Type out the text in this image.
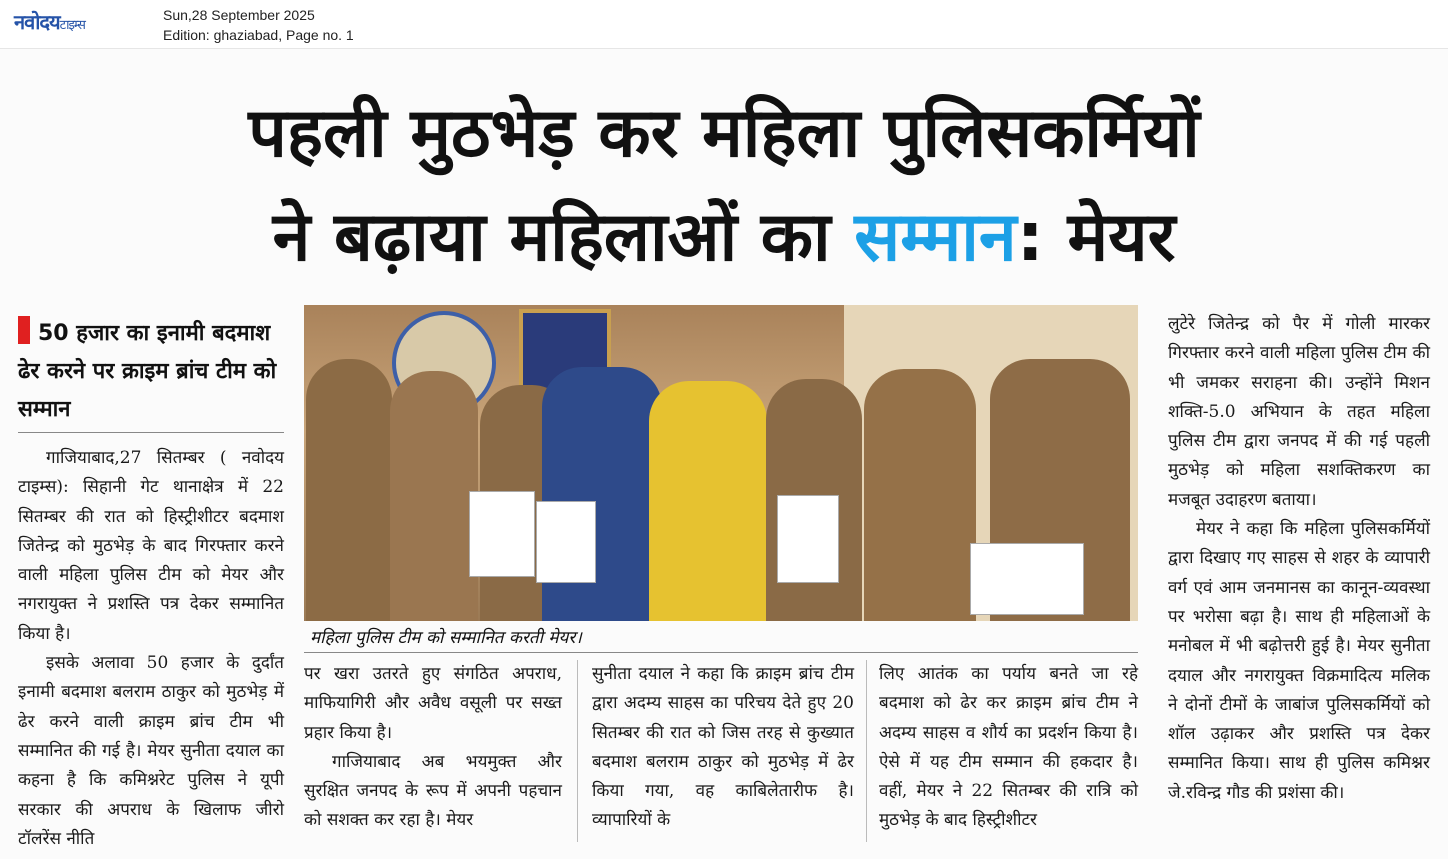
नवोदयटाइम्स
Sun,28 September 2025
Edition: ghaziabad, Page no. 1
पहली मुठभेड़ कर महिला पुलिसकर्मियों
ने बढ़ाया महिलाओं का सम्मान: मेयर
50 हजार का इनामी बदमाश ढेर करने पर क्राइम ब्रांच टीम को सम्मान

गाजियाबाद,27 सितम्बर ( नवोदय टाइम्स): सिहानी गेट थानाक्षेत्र में 22 सितम्बर की रात को हिस्ट्रीशीटर बदमाश जितेन्द्र को मुठभेड़ के बाद गिरफ्तार करने वाली महिला पुलिस टीम को मेयर और नगरायुक्त ने प्रशस्ति पत्र देकर सम्मानित किया है।

इसके अलावा 50 हजार के दुर्दांत इनामी बदमाश बलराम ठाकुर को मुठभेड़ में ढेर करने वाली क्राइम ब्रांच टीम भी सम्मानित की गई है। मेयर सुनीता दयाल का कहना है कि कमिश्नरेट पुलिस ने यूपी सरकार की अपराध के खिलाफ जीरो टॉलरेंस नीति

महिला पुलिस टीम को सम्मानित करती मेयर।

पर खरा उतरते हुए संगठित अपराध, माफियागिरी और अवैध वसूली पर सख्त प्रहार किया है।

गाजियाबाद अब भयमुक्त और सुरक्षित जनपद के रूप में अपनी पहचान को सशक्त कर रहा है। मेयर

सुनीता दयाल ने कहा कि क्राइम ब्रांच टीम द्वारा अदम्य साहस का परिचय देते हुए 20 सितम्बर की रात को जिस तरह से कुख्यात बदमाश बलराम ठाकुर को मुठभेड़ में ढेर किया गया, वह काबिलेतारीफ है। व्यापारियों के

लिए आतंक का पर्याय बनते जा रहे बदमाश को ढेर कर क्राइम ब्रांच टीम ने अदम्य साहस व शौर्य का प्रदर्शन किया है। ऐसे में यह टीम सम्मान की हकदार है। वहीं, मेयर ने 22 सितम्बर की रात्रि को मुठभेड़ के बाद हिस्ट्रीशीटर

लुटेरे जितेन्द्र को पैर में गोली मारकर गिरफ्तार करने वाली महिला पुलिस टीम की भी जमकर सराहना की। उन्होंने मिशन शक्ति-5.0 अभियान के तहत महिला पुलिस टीम द्वारा जनपद में की गई पहली मुठभेड़ को महिला सशक्तिकरण का मजबूत उदाहरण बताया।

मेयर ने कहा कि महिला पुलिसकर्मियों द्वारा दिखाए गए साहस से शहर के व्यापारी वर्ग एवं आम जनमानस का कानून-व्यवस्था पर भरोसा बढ़ा है। साथ ही महिलाओं के मनोबल में भी बढ़ोत्तरी हुई है। मेयर सुनीता दयाल और नगरायुक्त विक्रमादित्य मलिक ने दोनों टीमों के जाबांज पुलिसकर्मियों को शॉल उढ़ाकर और प्रशस्ति पत्र देकर सम्मानित किया। साथ ही पुलिस कमिश्नर जे.रविन्द्र गौड की प्रशंसा की।
